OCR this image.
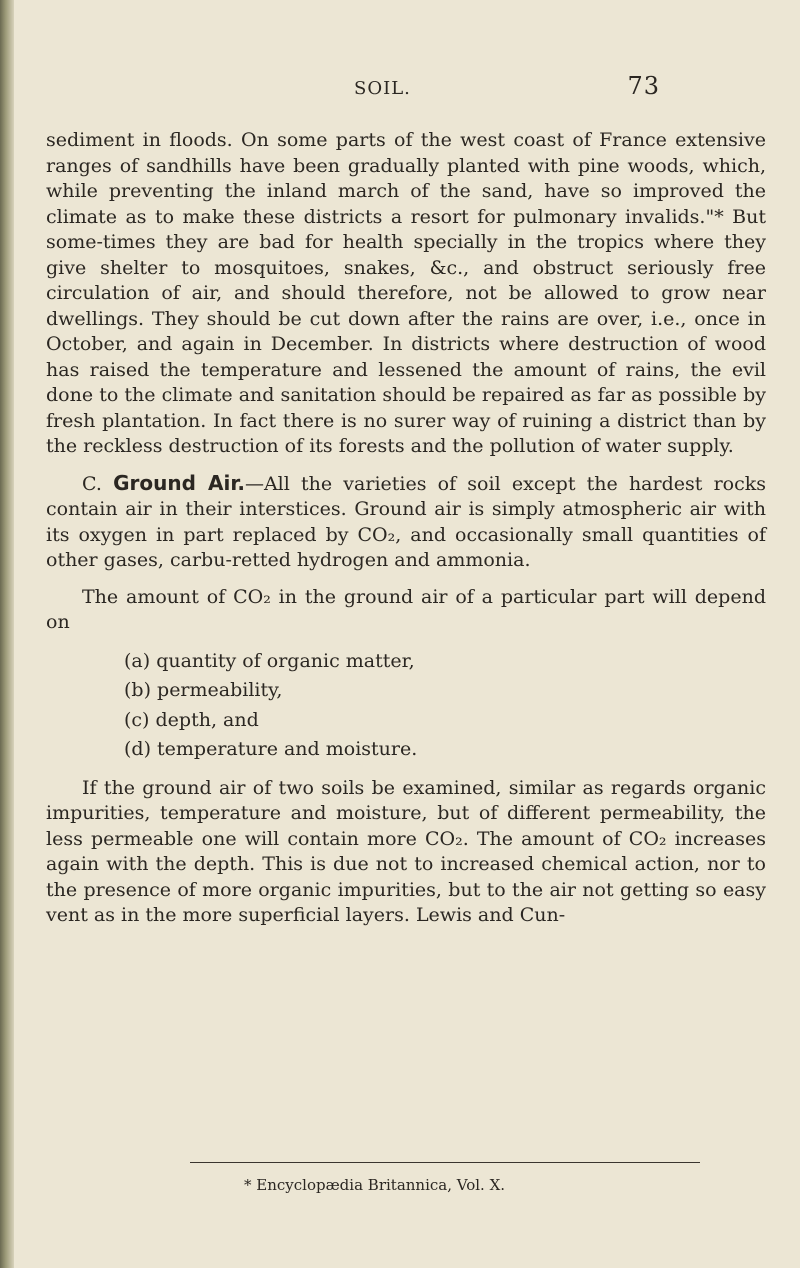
SOIL.	73

sediment in floods. On some parts of the west coast of France extensive ranges of sandhills have been gradually planted with pine woods, which, while preventing the inland march of the sand, have so improved the climate as to make these districts a resort for pulmonary invalids."* But some-times they are bad for health specially in the tropics where they give shelter to mosquitoes, snakes, &c., and obstruct seriously free circulation of air, and should therefore, not be allowed to grow near dwellings. They should be cut down after the rains are over, i.e., once in October, and again in December. In districts where destruction of wood has raised the temperature and lessened the amount of rains, the evil done to the climate and sanitation should be repaired as far as possible by fresh plantation. In fact there is no surer way of ruining a district than by the reckless destruction of its forests and the pollution of water supply.

C. Ground Air.—All the varieties of soil except the hardest rocks contain air in their interstices. Ground air is simply atmospheric air with its oxygen in part replaced by CO₂, and occasionally small quantities of other gases, carbu-retted hydrogen and ammonia.

The amount of CO₂ in the ground air of a particular part will depend on

(a) quantity of organic matter,
(b) permeability,
(c) depth, and
(d) temperature and moisture.

If the ground air of two soils be examined, similar as regards organic impurities, temperature and moisture, but of different permeability, the less permeable one will contain more CO₂. The amount of CO₂ increases again with the depth. This is due not to increased chemical action, nor to the presence of more organic impurities, but to the air not getting so easy vent as in the more superficial layers. Lewis and Cun-

* Encyclopædia Britannica, Vol. X.
